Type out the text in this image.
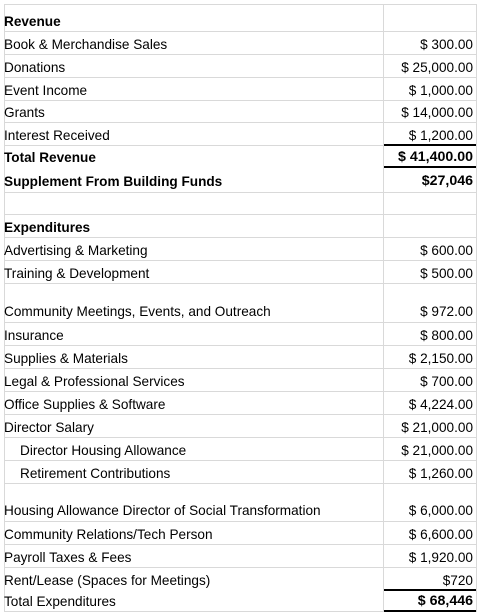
Revenue
Book & Merchandise Sales	$ 300.00
Donations	$ 25,000.00
Event Income	$ 1,000.00
Grants	$ 14,000.00
Interest Received	$ 1,200.00
Total Revenue	$ 41,400.00
Supplement From Building Funds	$27,046
Expenditures
Advertising & Marketing	$ 600.00
Training & Development	$ 500.00
Community Meetings, Events, and Outreach	$ 972.00
Insurance	$ 800.00
Supplies & Materials	$ 2,150.00
Legal & Professional Services	$ 700.00
Office Supplies & Software	$ 4,224.00
Director Salary	$ 21,000.00
Director Housing Allowance	$ 21,000.00
Retirement Contributions	$ 1,260.00
Housing Allowance Director of Social Transformation	$ 6,000.00
Community Relations/Tech Person	$ 6,600.00
Payroll Taxes & Fees	$ 1,920.00
Rent/Lease (Spaces for Meetings)	$720
Total Expenditures	$ 68,446
